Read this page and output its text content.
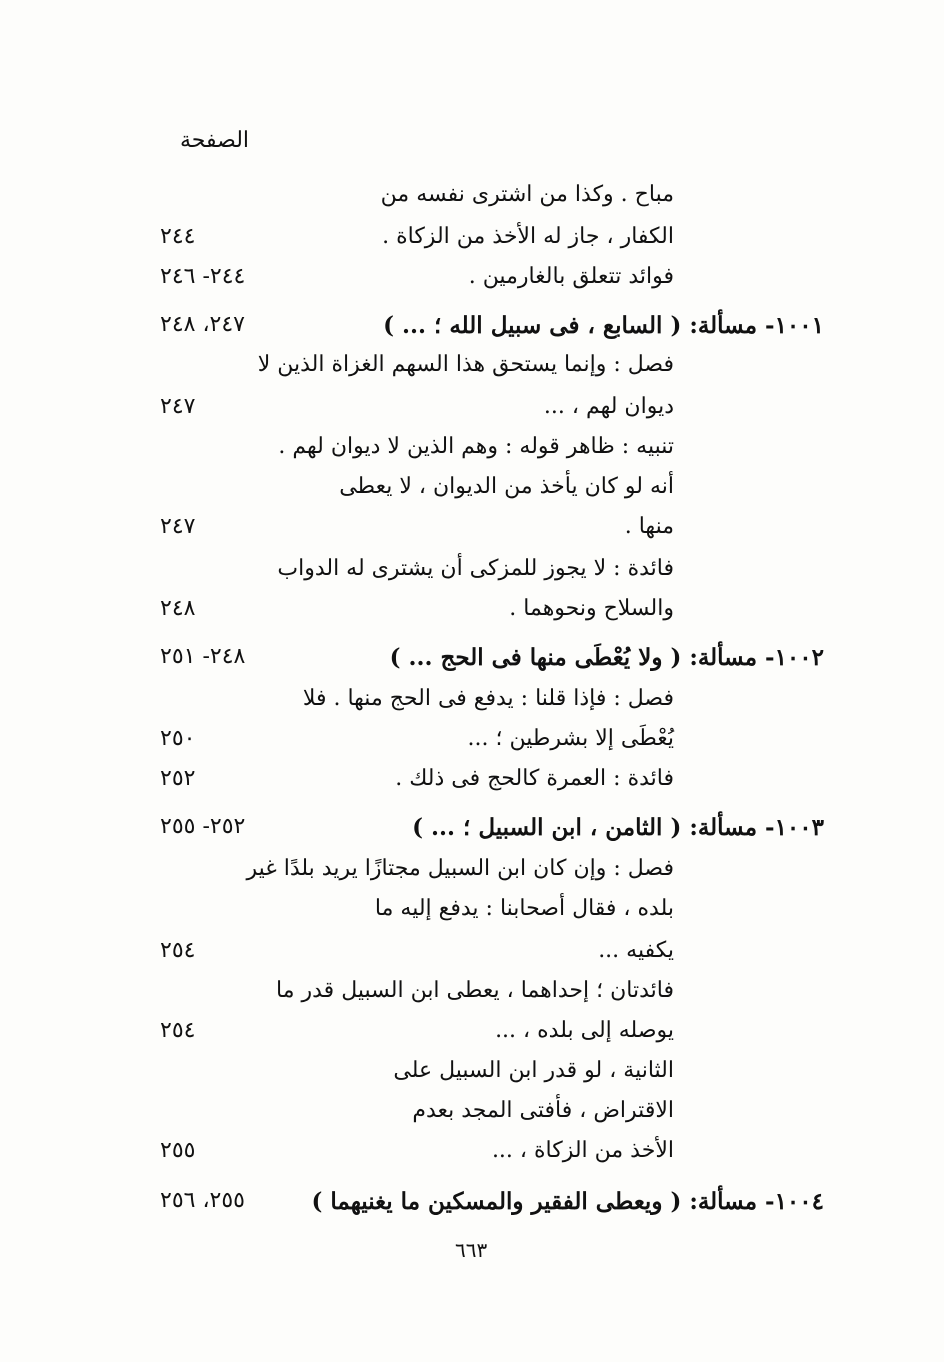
الصفحة
مباح . وكذا من اشترى نفسه من
الكفار ، جاز له الأخذ من الزكاة .
٢٤٤
فوائد تتعلق بالغارمين .
٢٤٤- ٢٤٦
١٠٠١- مسألة: ( السابع ، فى سبيل الله ؛ ... )
٢٤٧، ٢٤٨
فصل : وإنما يستحق هذا السهم الغزاة الذين لا
ديوان لهم ، ...
٢٤٧
تنبيه : ظاهر قوله : وهم الذين لا ديوان لهم .
أنه لو كان يأخذ من الديوان ، لا يعطى
منها .
٢٤٧
فائدة : لا يجوز للمزكى أن يشترى له الدواب
والسلاح ونحوهما .
٢٤٨
١٠٠٢- مسألة: ( ولا يُعْطَى منها فى الحج ... )
٢٤٨- ٢٥١
فصل : فإذا قلنا : يدفع فى الحج منها . فلا
يُعْطَى إلا بشرطين ؛ ...
٢٥٠
فائدة : العمرة كالحج فى ذلك .
٢٥٢
١٠٠٣- مسألة: ( الثامن ، ابن السبيل ؛ ... )
٢٥٢- ٢٥٥
فصل : وإن كان ابن السبيل مجتازًا يريد بلدًا غير
بلده ، فقال أصحابنا : يدفع إليه ما
يكفيه ...
٢٥٤
فائدتان ؛ إحداهما ، يعطى ابن السبيل قدر ما
يوصله إلى بلده ، ...
٢٥٤
الثانية ، لو قدر ابن السبيل على
الاقتراض ، فأفتى المجد بعدم
الأخذ من الزكاة ، ...
٢٥٥
١٠٠٤- مسألة: ( ويعطى الفقير والمسكين ما يغنيهما )
٢٥٥، ٢٥٦
٦٦٣
